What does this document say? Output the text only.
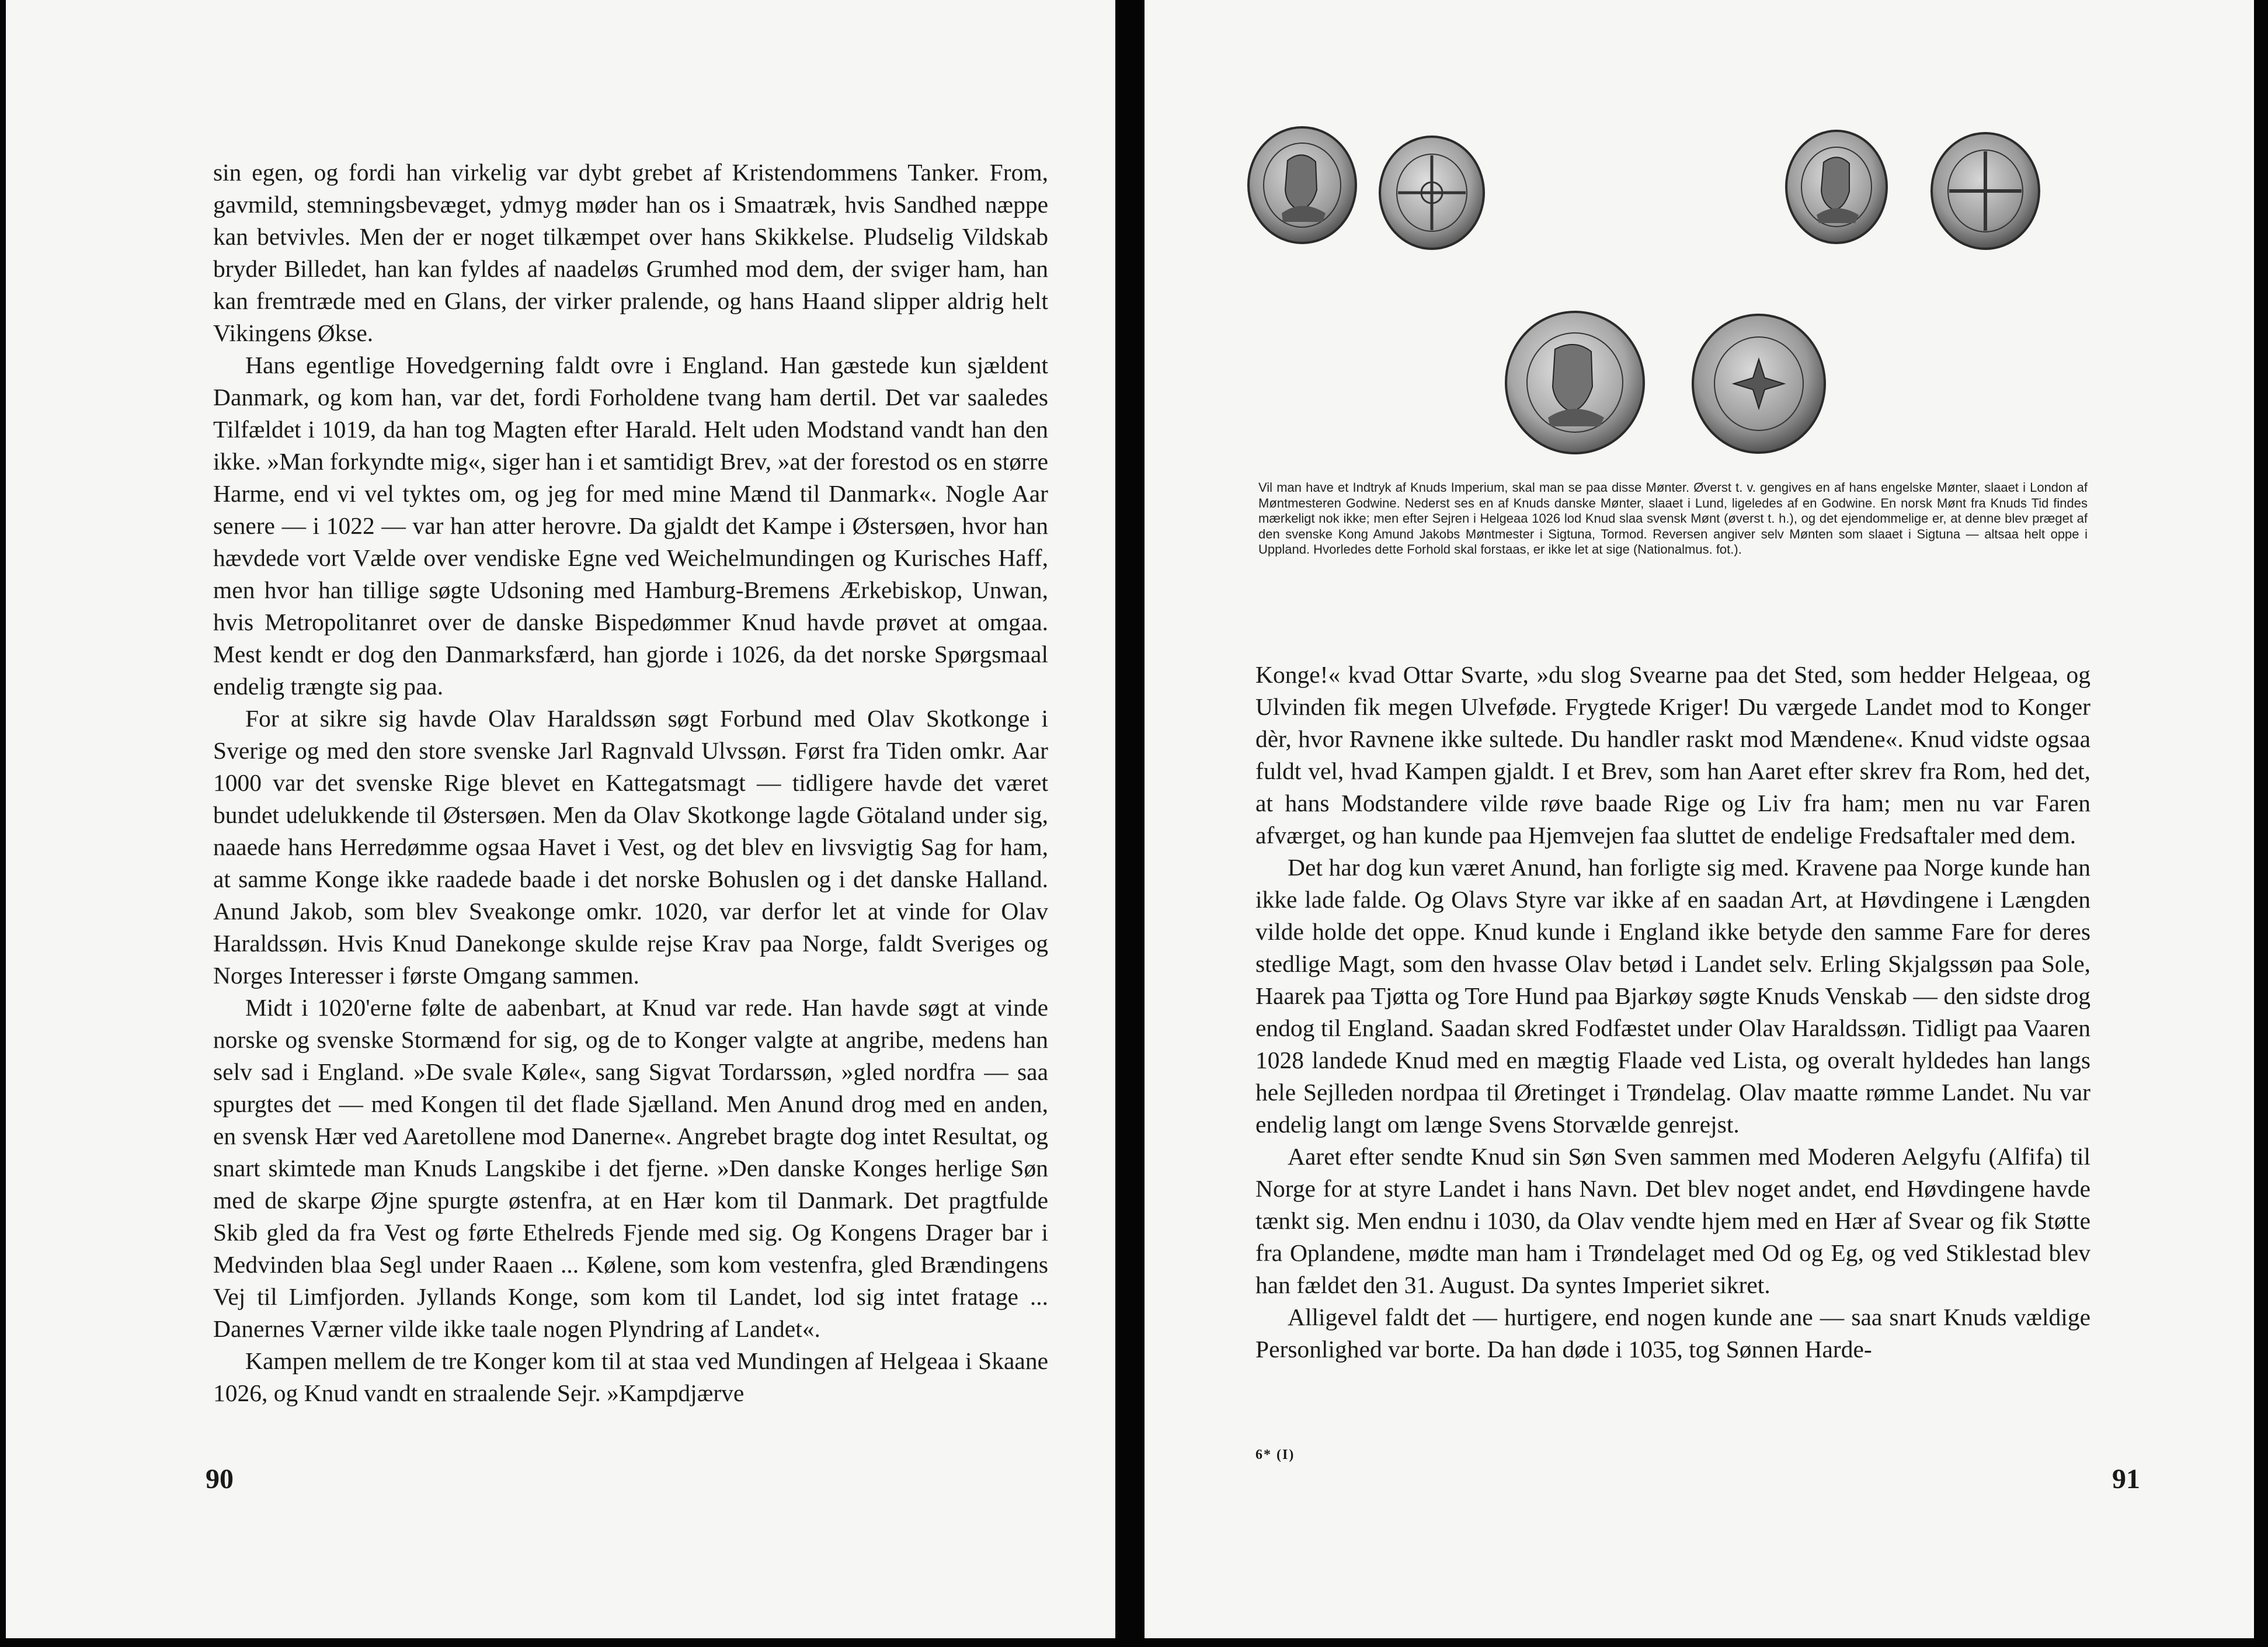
sin egen, og fordi han virkelig var dybt grebet af Kristendommens Tanker. From, gavmild, stemningsbevæget, ydmyg møder han os i Smaatræk, hvis Sandhed næppe kan betvivles. Men der er noget tilkæmpet over hans Skikkelse. Pludselig Vildskab bryder Billedet, han kan fyldes af naadeløs Grumhed mod dem, der sviger ham, han kan fremtræde med en Glans, der virker pralende, og hans Haand slipper aldrig helt Vikingens Økse.

Hans egentlige Hovedgerning faldt ovre i England. Han gæstede kun sjældent Danmark, og kom han, var det, fordi Forholdene tvang ham dertil. Det var saaledes Tilfældet i 1019, da han tog Magten efter Harald. Helt uden Modstand vandt han den ikke. »Man forkyndte mig«, siger han i et samtidigt Brev, »at der forestod os en større Harme, end vi vel tyktes om, og jeg for med mine Mænd til Danmark«. Nogle Aar senere — i 1022 — var han atter herovre. Da gjaldt det Kampe i Østersøen, hvor han hævdede vort Vælde over vendiske Egne ved Weichelmundingen og Kurisches Haff, men hvor han tillige søgte Udsoning med Hamburg-Bremens Ærkebiskop, Unwan, hvis Metropolitanret over de danske Bispedømmer Knud havde prøvet at omgaa. Mest kendt er dog den Danmarksfærd, han gjorde i 1026, da det norske Spørgsmaal endelig trængte sig paa.

For at sikre sig havde Olav Haraldssøn søgt Forbund med Olav Skotkonge i Sverige og med den store svenske Jarl Ragnvald Ulvssøn. Først fra Tiden omkr. Aar 1000 var det svenske Rige blevet en Kattegatsmagt — tidligere havde det været bundet udelukkende til Østersøen. Men da Olav Skotkonge lagde Götaland under sig, naaede hans Herredømme ogsaa Havet i Vest, og det blev en livsvigtig Sag for ham, at samme Konge ikke raadede baade i det norske Bohuslen og i det danske Halland. Anund Jakob, som blev Sveakonge omkr. 1020, var derfor let at vinde for Olav Haraldssøn. Hvis Knud Danekonge skulde rejse Krav paa Norge, faldt Sveriges og Norges Interesser i første Omgang sammen.

Midt i 1020'erne følte de aabenbart, at Knud var rede. Han havde søgt at vinde norske og svenske Stormænd for sig, og de to Konger valgte at angribe, medens han selv sad i England. »De svale Køle«, sang Sigvat Tordarssøn, »gled nordfra — saa spurgtes det — med Kongen til det flade Sjælland. Men Anund drog med en anden, en svensk Hær ved Aaretollene mod Danerne«. Angrebet bragte dog intet Resultat, og snart skimtede man Knuds Langskibe i det fjerne. »Den danske Konges herlige Søn med de skarpe Øjne spurgte østenfra, at en Hær kom til Danmark. Det pragtfulde Skib gled da fra Vest og førte Ethelreds Fjende med sig. Og Kongens Drager bar i Medvinden blaa Segl under Raaen ... Kølene, som kom vestenfra, gled Brændingens Vej til Limfjorden. Jyllands Konge, som kom til Landet, lod sig intet fratage ... Danernes Værner vilde ikke taale nogen Plyndring af Landet«.

Kampen mellem de tre Konger kom til at staa ved Mundingen af Helgeaa i Skaane 1026, og Knud vandt en straalende Sejr. »Kampdjærve

90
Vil man have et Indtryk af Knuds Imperium, skal man se paa disse Mønter. Øverst t. v. gengives en af hans engelske Mønter, slaaet i London af Møntmesteren Godwine. Nederst ses en af Knuds danske Mønter, slaaet i Lund, ligeledes af en Godwine. En norsk Mønt fra Knuds Tid findes mærkeligt nok ikke; men efter Sejren i Helgeaa 1026 lod Knud slaa svensk Mønt (øverst t. h.), og det ejendommelige er, at denne blev præget af den svenske Kong Amund Jakobs Møntmester i Sigtuna, Tormod. Reversen angiver selv Mønten som slaaet i Sigtuna — altsaa helt oppe i Uppland. Hvorledes dette Forhold skal forstaas, er ikke let at sige (Nationalmus. fot.).

Konge!« kvad Ottar Svarte, »du slog Svearne paa det Sted, som hedder Helgeaa, og Ulvinden fik megen Ulveføde. Frygtede Kriger! Du værgede Landet mod to Konger dèr, hvor Ravnene ikke sultede. Du handler raskt mod Mændene«. Knud vidste ogsaa fuldt vel, hvad Kampen gjaldt. I et Brev, som han Aaret efter skrev fra Rom, hed det, at hans Modstandere vilde røve baade Rige og Liv fra ham; men nu var Faren afværget, og han kunde paa Hjemvejen faa sluttet de endelige Fredsaftaler med dem.

Det har dog kun været Anund, han forligte sig med. Kravene paa Norge kunde han ikke lade falde. Og Olavs Styre var ikke af en saadan Art, at Høvdingene i Længden vilde holde det oppe. Knud kunde i England ikke betyde den samme Fare for deres stedlige Magt, som den hvasse Olav betød i Landet selv. Erling Skjalgssøn paa Sole, Haarek paa Tjøtta og Tore Hund paa Bjarkøy søgte Knuds Venskab — den sidste drog endog til England. Saadan skred Fodfæstet under Olav Haraldssøn. Tidligt paa Vaaren 1028 landede Knud med en mægtig Flaade ved Lista, og overalt hyldedes han langs hele Sejlleden nordpaa til Øretinget i Trøndelag. Olav maatte rømme Landet. Nu var endelig langt om længe Svens Storvælde genrejst.

Aaret efter sendte Knud sin Søn Sven sammen med Moderen Aelgyfu (Alfifa) til Norge for at styre Landet i hans Navn. Det blev noget andet, end Høvdingene havde tænkt sig. Men endnu i 1030, da Olav vendte hjem med en Hær af Svear og fik Støtte fra Oplandene, mødte man ham i Trøndelaget med Od og Eg, og ved Stiklestad blev han fældet den 31. August. Da syntes Imperiet sikret.

Alligevel faldt det — hurtigere, end nogen kunde ane — saa snart Knuds vældige Personlighed var borte. Da han døde i 1035, tog Sønnen Harde-

6* (I)
91
